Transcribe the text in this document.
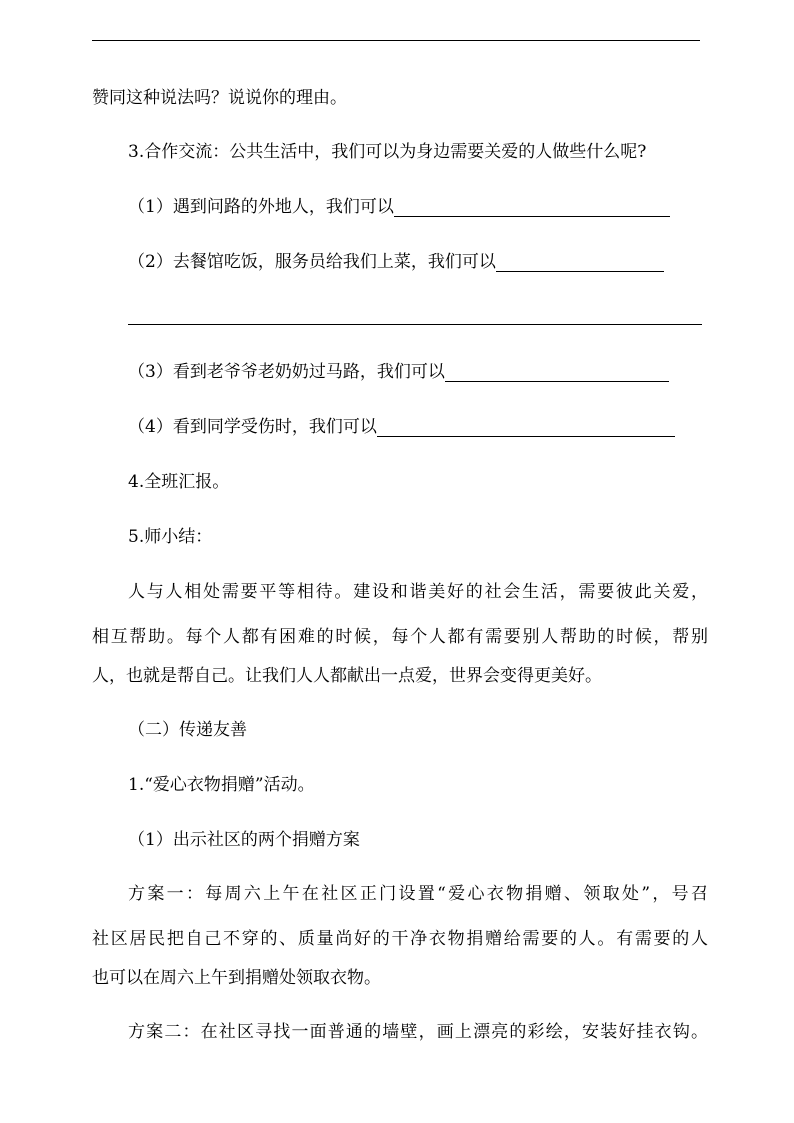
赞同这种说法吗？说说你的理由。
3.合作交流：公共生活中，我们可以为身边需要关爱的人做些什么呢?
（1）遇到问路的外地人，我们可以
（2）去餐馆吃饭，服务员给我们上菜，我们可以
（3）看到老爷爷老奶奶过马路，我们可以
（4）看到同学受伤时，我们可以
4.全班汇报。
5.师小结：
人与人相处需要平等相待。建设和谐美好的社会生活，需要彼此关爱，
相互帮助。每个人都有困难的时候，每个人都有需要别人帮助的时候，帮别
人，也就是帮自己。让我们人人都献出一点爱，世界会变得更美好。
（二）传递友善
1.“爱心衣物捐赠”活动。
（1）出示社区的两个捐赠方案
方案一：每周六上午在社区正门设置“爱心衣物捐赠、领取处”，号召
社区居民把自己不穿的、质量尚好的干净衣物捐赠给需要的人。有需要的人
也可以在周六上午到捐赠处领取衣物。
方案二：在社区寻找一面普通的墙壁，画上漂亮的彩绘，安装好挂衣钩。
